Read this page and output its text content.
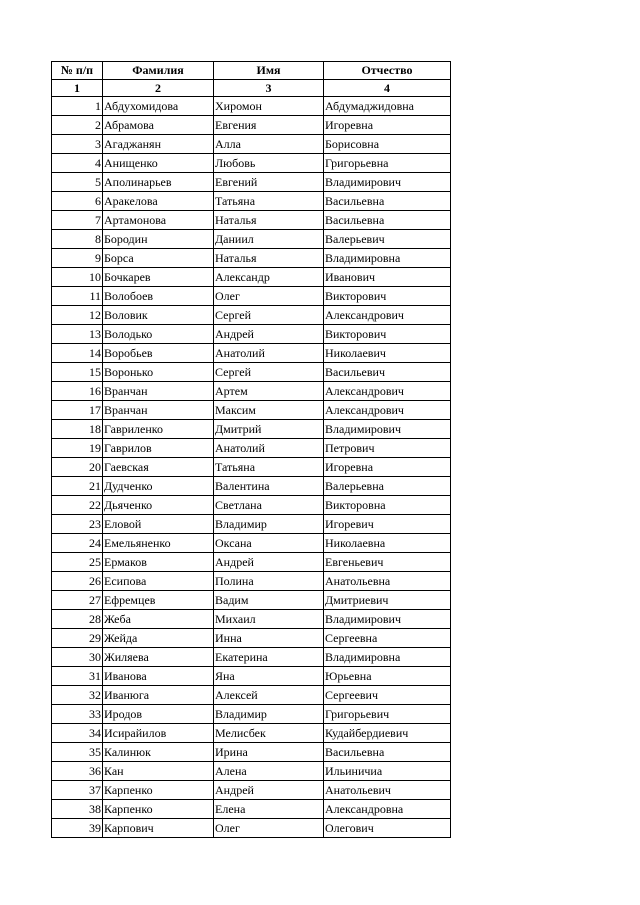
№ п/п	Фамилия	Имя	Отчество
1	2	3	4
1	Абдухомидова	Хиромон	Абдумаджидовна
2	Абрамова	Евгения	Игоревна
3	Агаджанян	Алла	Борисовна
4	Анищенко	Любовь	Григорьевна
5	Аполинарьев	Евгений	Владимирович
6	Аракелова	Татьяна	Васильевна
7	Артамонова	Наталья	Васильевна
8	Бородин	Даниил	Валерьевич
9	Борса	Наталья	Владимировна
10	Бочкарев	Александр	Иванович
11	Волобоев	Олег	Викторович
12	Воловик	Сергей	Александрович
13	Володько	Андрей	Викторович
14	Воробьев	Анатолий	Николаевич
15	Воронько	Сергей	Васильевич
16	Вранчан	Артем	Александрович
17	Вранчан	Максим	Александрович
18	Гавриленко	Дмитрий	Владимирович
19	Гаврилов	Анатолий	Петрович
20	Гаевская	Татьяна	Игоревна
21	Дудченко	Валентина	Валерьевна
22	Дьяченко	Светлана	Викторовна
23	Еловой	Владимир	Игоревич
24	Емельяненко	Оксана	Николаевна
25	Ермаков	Андрей	Евгеньевич
26	Есипова	Полина	Анатольевна
27	Ефремцев	Вадим	Дмитриевич
28	Жеба	Михаил	Владимирович
29	Жейда	Инна	Сергеевна
30	Жиляева	Екатерина	Владимировна
31	Иванова	Яна	Юрьевна
32	Иванюга	Алексей	Сергеевич
33	Иродов	Владимир	Григорьевич
34	Исирайилов	Мелисбек	Кудайбердиевич
35	Калинюк	Ирина	Васильевна
36	Кан	Алена	Ильиничиа
37	Карпенко	Андрей	Анатольевич
38	Карпенко	Елена	Александровна
39	Карпович	Олег	Олегович
